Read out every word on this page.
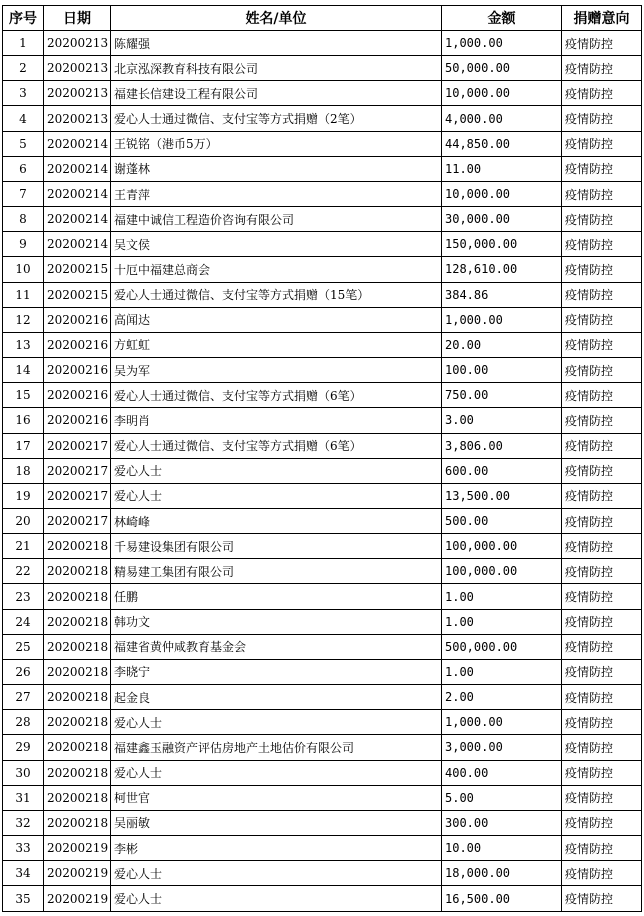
序号	日期	姓名/单位	金额	捐赠意向
1	20200213	陈耀强	1,000.00	疫情防控
2	20200213	北京泓深教育科技有限公司	50,000.00	疫情防控
3	20200213	福建长信建设工程有限公司	10,000.00	疫情防控
4	20200213	爱心人士通过微信、支付宝等方式捐赠（2笔）	4,000.00	疫情防控
5	20200214	王锐铭（港币5万）	44,850.00	疫情防控
6	20200214	谢蓬林	11.00	疫情防控
7	20200214	王青萍	10,000.00	疫情防控
8	20200214	福建中诚信工程造价咨询有限公司	30,000.00	疫情防控
9	20200214	吴文侯	150,000.00	疫情防控
10	20200215	十厄中福建总商会	128,610.00	疫情防控
11	20200215	爱心人士通过微信、支付宝等方式捐赠（15笔）	384.86	疫情防控
12	20200216	高闻达	1,000.00	疫情防控
13	20200216	方虹虹	20.00	疫情防控
14	20200216	吴为军	100.00	疫情防控
15	20200216	爱心人士通过微信、支付宝等方式捐赠（6笔）	750.00	疫情防控
16	20200216	李明肖	3.00	疫情防控
17	20200217	爱心人士通过微信、支付宝等方式捐赠（6笔）	3,806.00	疫情防控
18	20200217	爱心人士	600.00	疫情防控
19	20200217	爱心人士	13,500.00	疫情防控
20	20200217	林崎峰	500.00	疫情防控
21	20200218	千易建设集团有限公司	100,000.00	疫情防控
22	20200218	精易建工集团有限公司	100,000.00	疫情防控
23	20200218	任鹏	1.00	疫情防控
24	20200218	韩功文	1.00	疫情防控
25	20200218	福建省黄仲咸教育基金会	500,000.00	疫情防控
26	20200218	李晓宁	1.00	疫情防控
27	20200218	起金良	2.00	疫情防控
28	20200218	爱心人士	1,000.00	疫情防控
29	20200218	福建鑫玉融资产评估房地产土地估价有限公司	3,000.00	疫情防控
30	20200218	爱心人士	400.00	疫情防控
31	20200218	柯世官	5.00	疫情防控
32	20200218	吴丽敏	300.00	疫情防控
33	20200219	李彬	10.00	疫情防控
34	20200219	爱心人士	18,000.00	疫情防控
35	20200219	爱心人士	16,500.00	疫情防控
